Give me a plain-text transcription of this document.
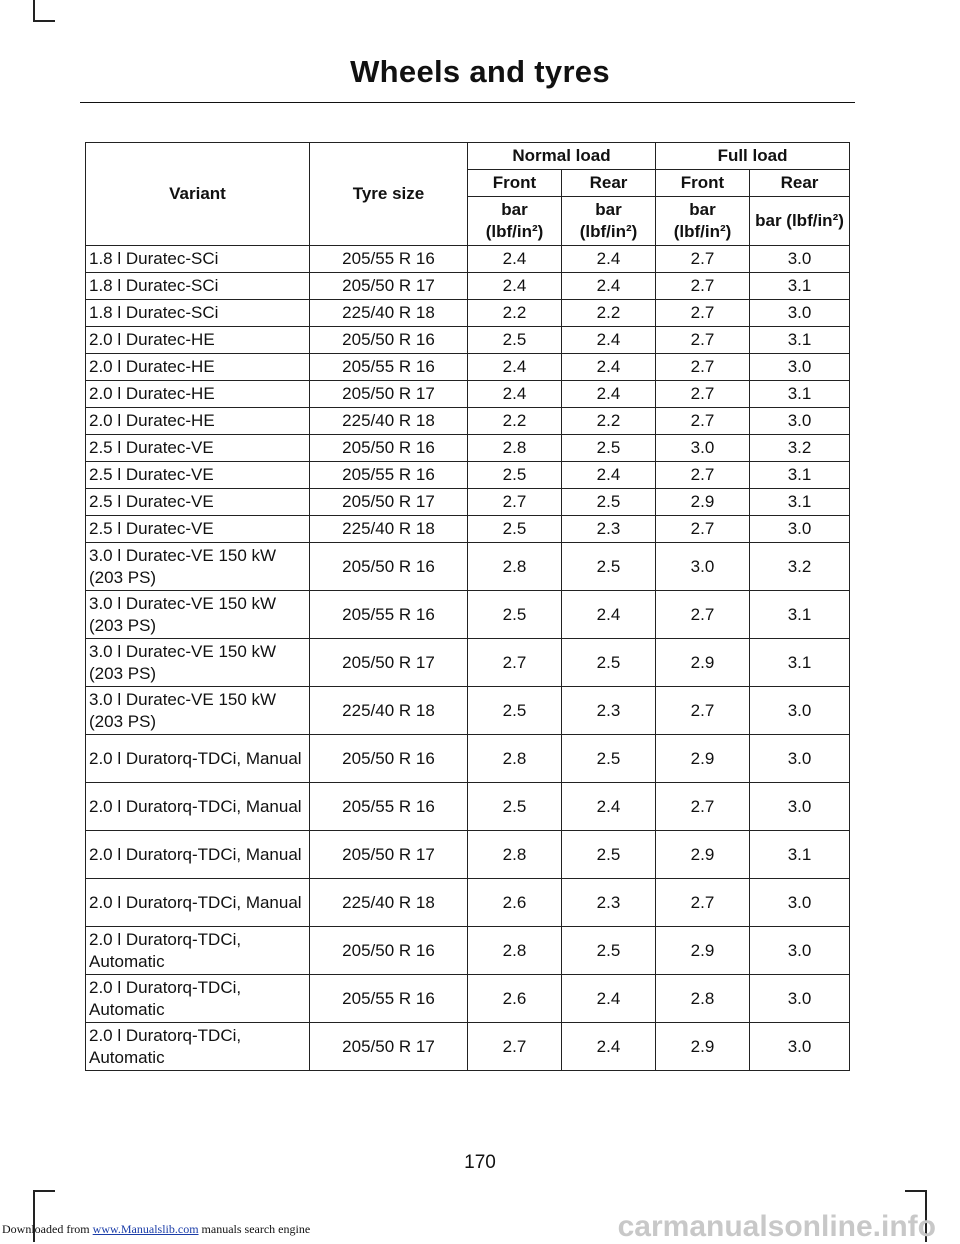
Wheels and tyres
Variant	Tyre size	Normal load		Full load	
		Front	Rear	Front	Rear
		bar (lbf/in²)	bar (lbf/in²)	bar (lbf/in²)	bar (lbf/in²)
1.8 l Duratec-SCi	205/55 R 16	2.4	2.4	2.7	3.0
1.8 l Duratec-SCi	205/50 R 17	2.4	2.4	2.7	3.1
1.8 l Duratec-SCi	225/40 R 18	2.2	2.2	2.7	3.0
2.0 l Duratec-HE	205/50 R 16	2.5	2.4	2.7	3.1
2.0 l Duratec-HE	205/55 R 16	2.4	2.4	2.7	3.0
2.0 l Duratec-HE	205/50 R 17	2.4	2.4	2.7	3.1
2.0 l Duratec-HE	225/40 R 18	2.2	2.2	2.7	3.0
2.5 l Duratec-VE	205/50 R 16	2.8	2.5	3.0	3.2
2.5 l Duratec-VE	205/55 R 16	2.5	2.4	2.7	3.1
2.5 l Duratec-VE	205/50 R 17	2.7	2.5	2.9	3.1
2.5 l Duratec-VE	225/40 R 18	2.5	2.3	2.7	3.0
3.0 l Duratec-VE 150 kW (203 PS)	205/50 R 16	2.8	2.5	3.0	3.2
3.0 l Duratec-VE 150 kW (203 PS)	205/55 R 16	2.5	2.4	2.7	3.1
3.0 l Duratec-VE 150 kW (203 PS)	205/50 R 17	2.7	2.5	2.9	3.1
3.0 l Duratec-VE 150 kW (203 PS)	225/40 R 18	2.5	2.3	2.7	3.0
2.0 l Duratorq-TDCi, Manual	205/50 R 16	2.8	2.5	2.9	3.0
2.0 l Duratorq-TDCi, Manual	205/55 R 16	2.5	2.4	2.7	3.0
2.0 l Duratorq-TDCi, Manual	205/50 R 17	2.8	2.5	2.9	3.1
2.0 l Duratorq-TDCi, Manual	225/40 R 18	2.6	2.3	2.7	3.0
2.0 l Duratorq-TDCi, Automatic	205/50 R 16	2.8	2.5	2.9	3.0
2.0 l Duratorq-TDCi, Automatic	205/55 R 16	2.6	2.4	2.8	3.0
2.0 l Duratorq-TDCi, Automatic	205/50 R 17	2.7	2.4	2.9	3.0
170
Downloaded from www.Manualslib.com manuals search engine	carmanualsonline.info
